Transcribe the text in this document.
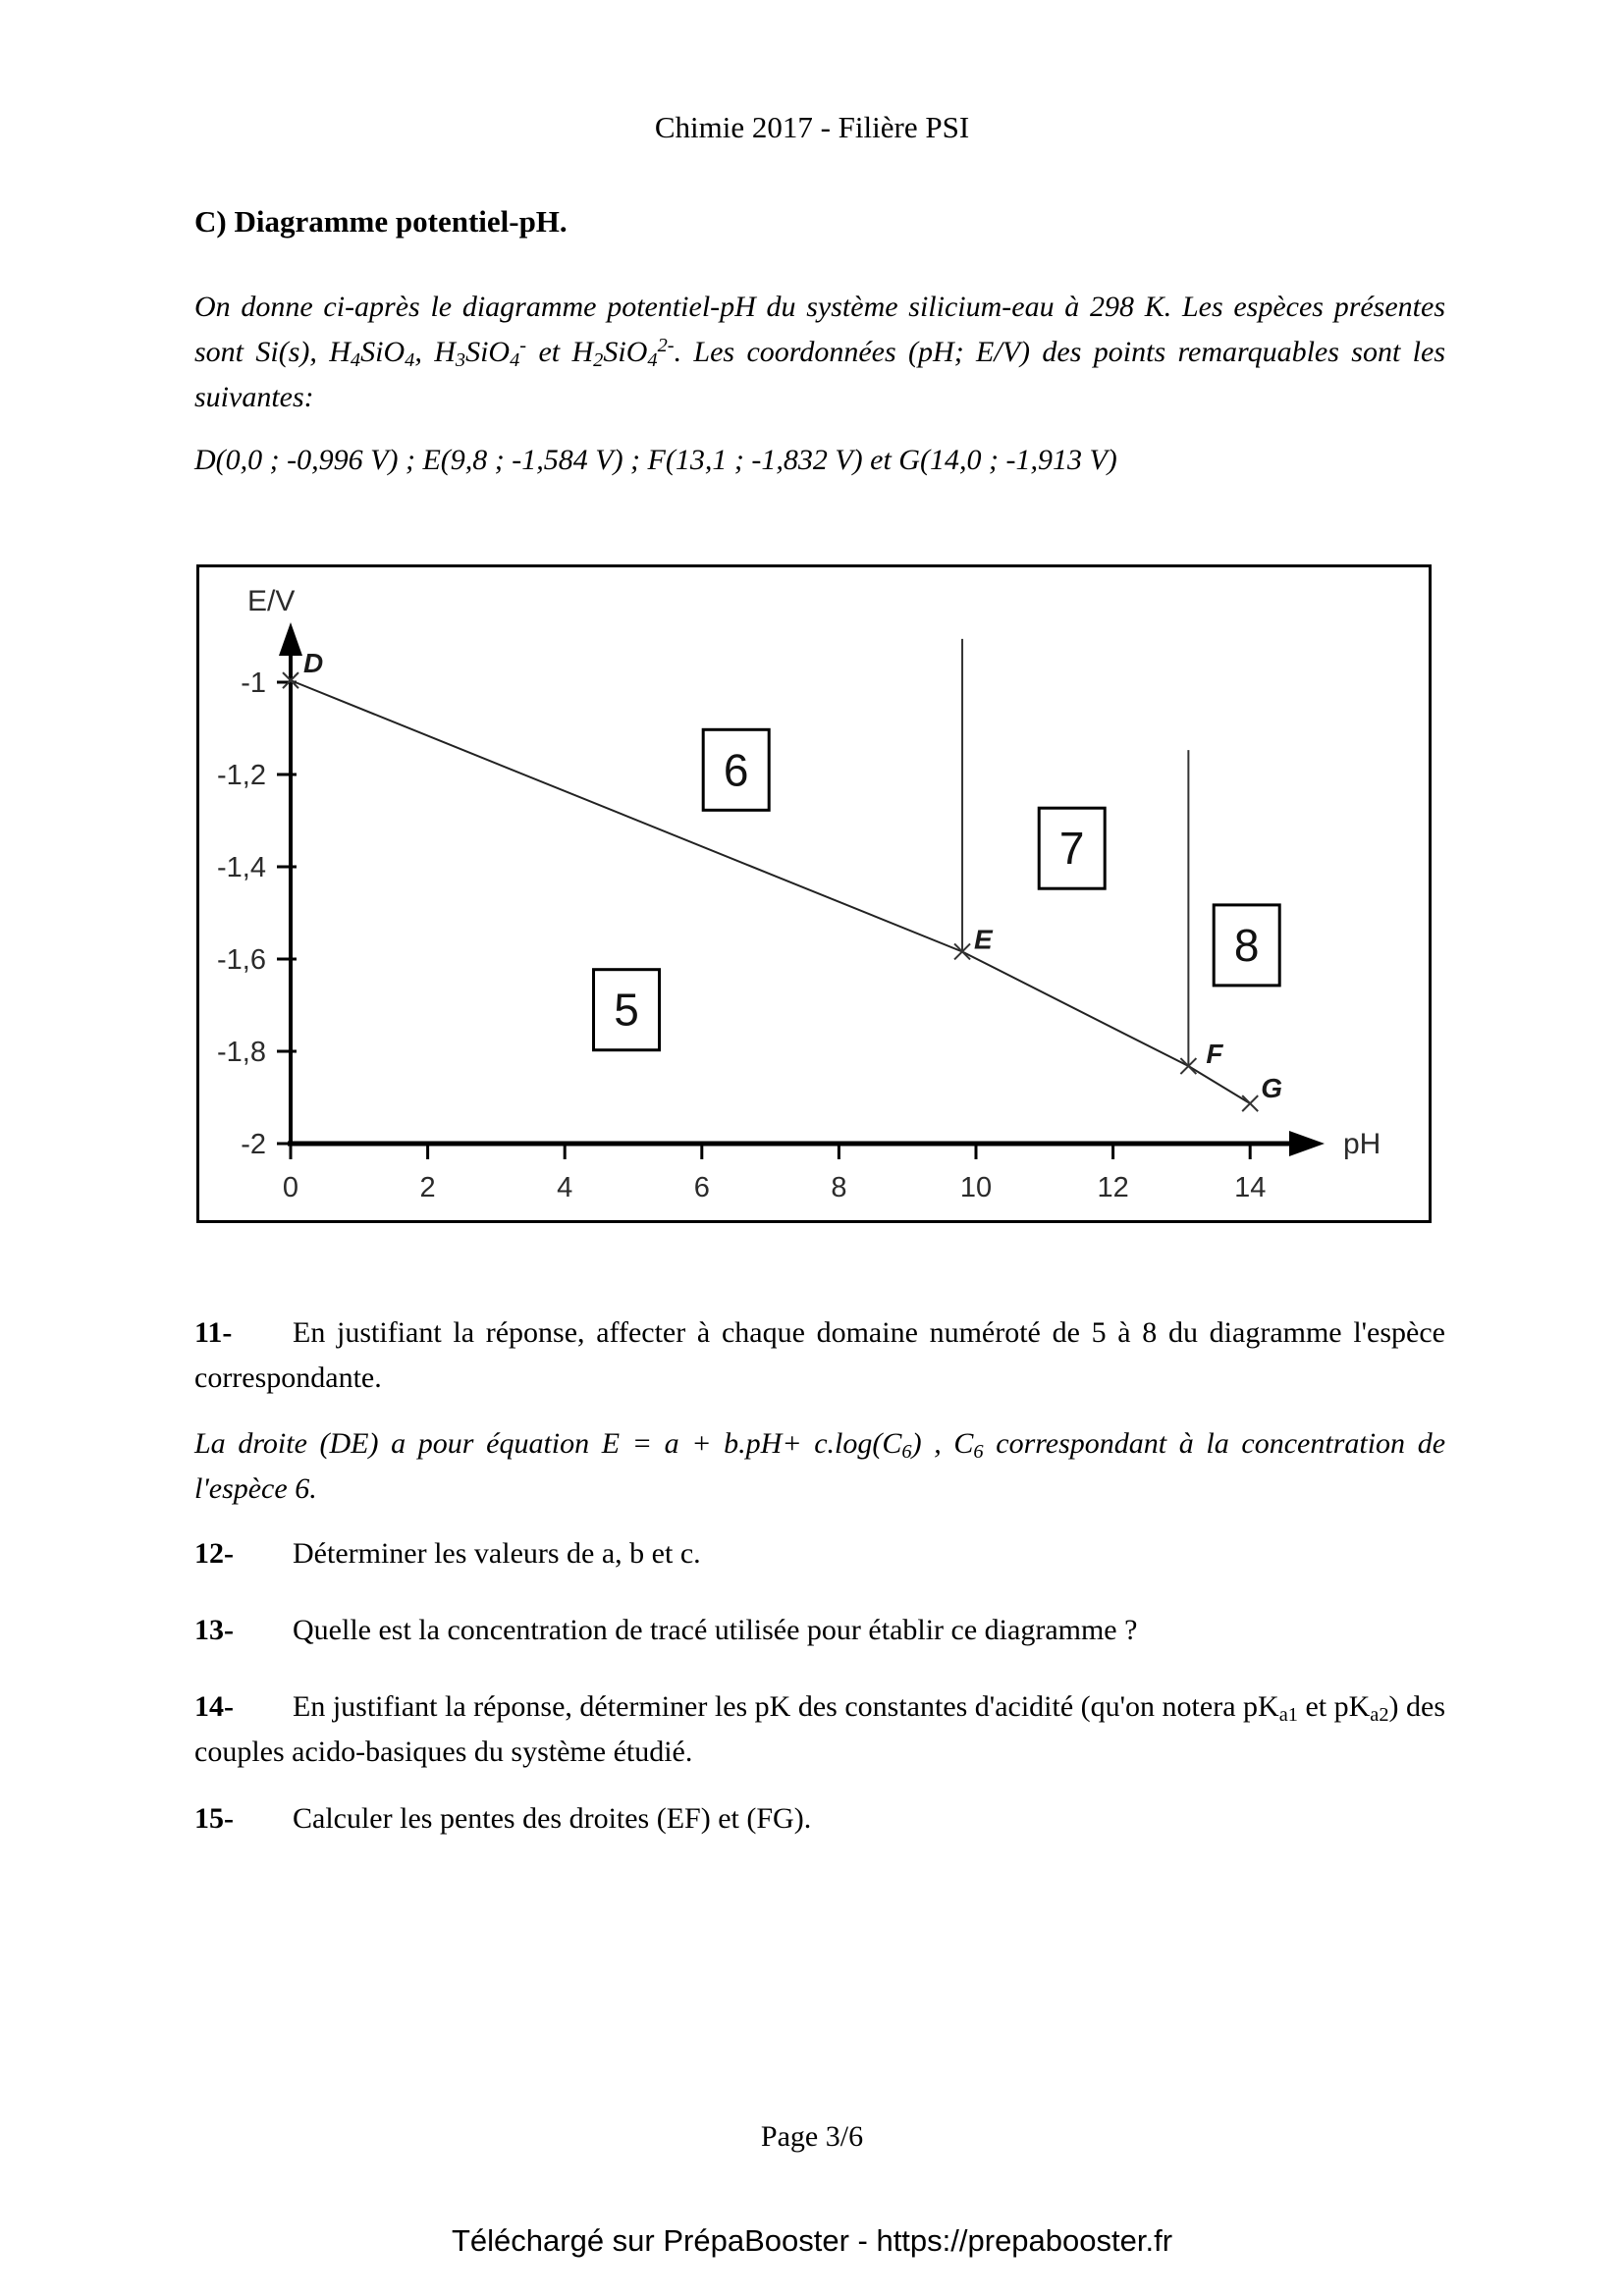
Chimie 2017 - Filière PSI
C) Diagramme potentiel-pH.
On donne ci-après le diagramme potentiel-pH du système silicium-eau à 298 K. Les espèces présentes sont Si(s), $H_4SiO_4$, $H_3SiO_4^-$ et $H_2SiO_4^{2-}$. Les coordonnées (pH; E/V) des points remarquables sont les suivantes:
D(0,0 ; -0,996 V) ; E(9,8 ; -1,584 V) ; F(13,1 ; -1,832 V) et G(14,0 ; -1,913 V)
pH
E/V
-1
-1,2
-1,4
-1,6
-1,8
-2
0	2	4	6	8	10	12	14
D
E
F
G
5
6
7
8
11- En justifiant la réponse, affecter à chaque domaine numéroté de 5 à 8 du diagramme l'espèce correspondante.
La droite (DE) a pour équation $E = a + b.pH+ c.\log(C_6)$ , $C_6$ correspondant à la concentration de l'espèce 6.
12- Déterminer les valeurs de a, b et c.
13- Quelle est la concentration de tracé utilisée pour établir ce diagramme ?
14- En justifiant la réponse, déterminer les pK des constantes d'acidité (qu'on notera $pK_{a1}$ et $pK_{a2}$) des couples acido-basiques du système étudié.
15- Calculer les pentes des droites (EF) et (FG).
Page 3/6
Téléchargé sur PrépaBooster - https://prepabooster.fr
